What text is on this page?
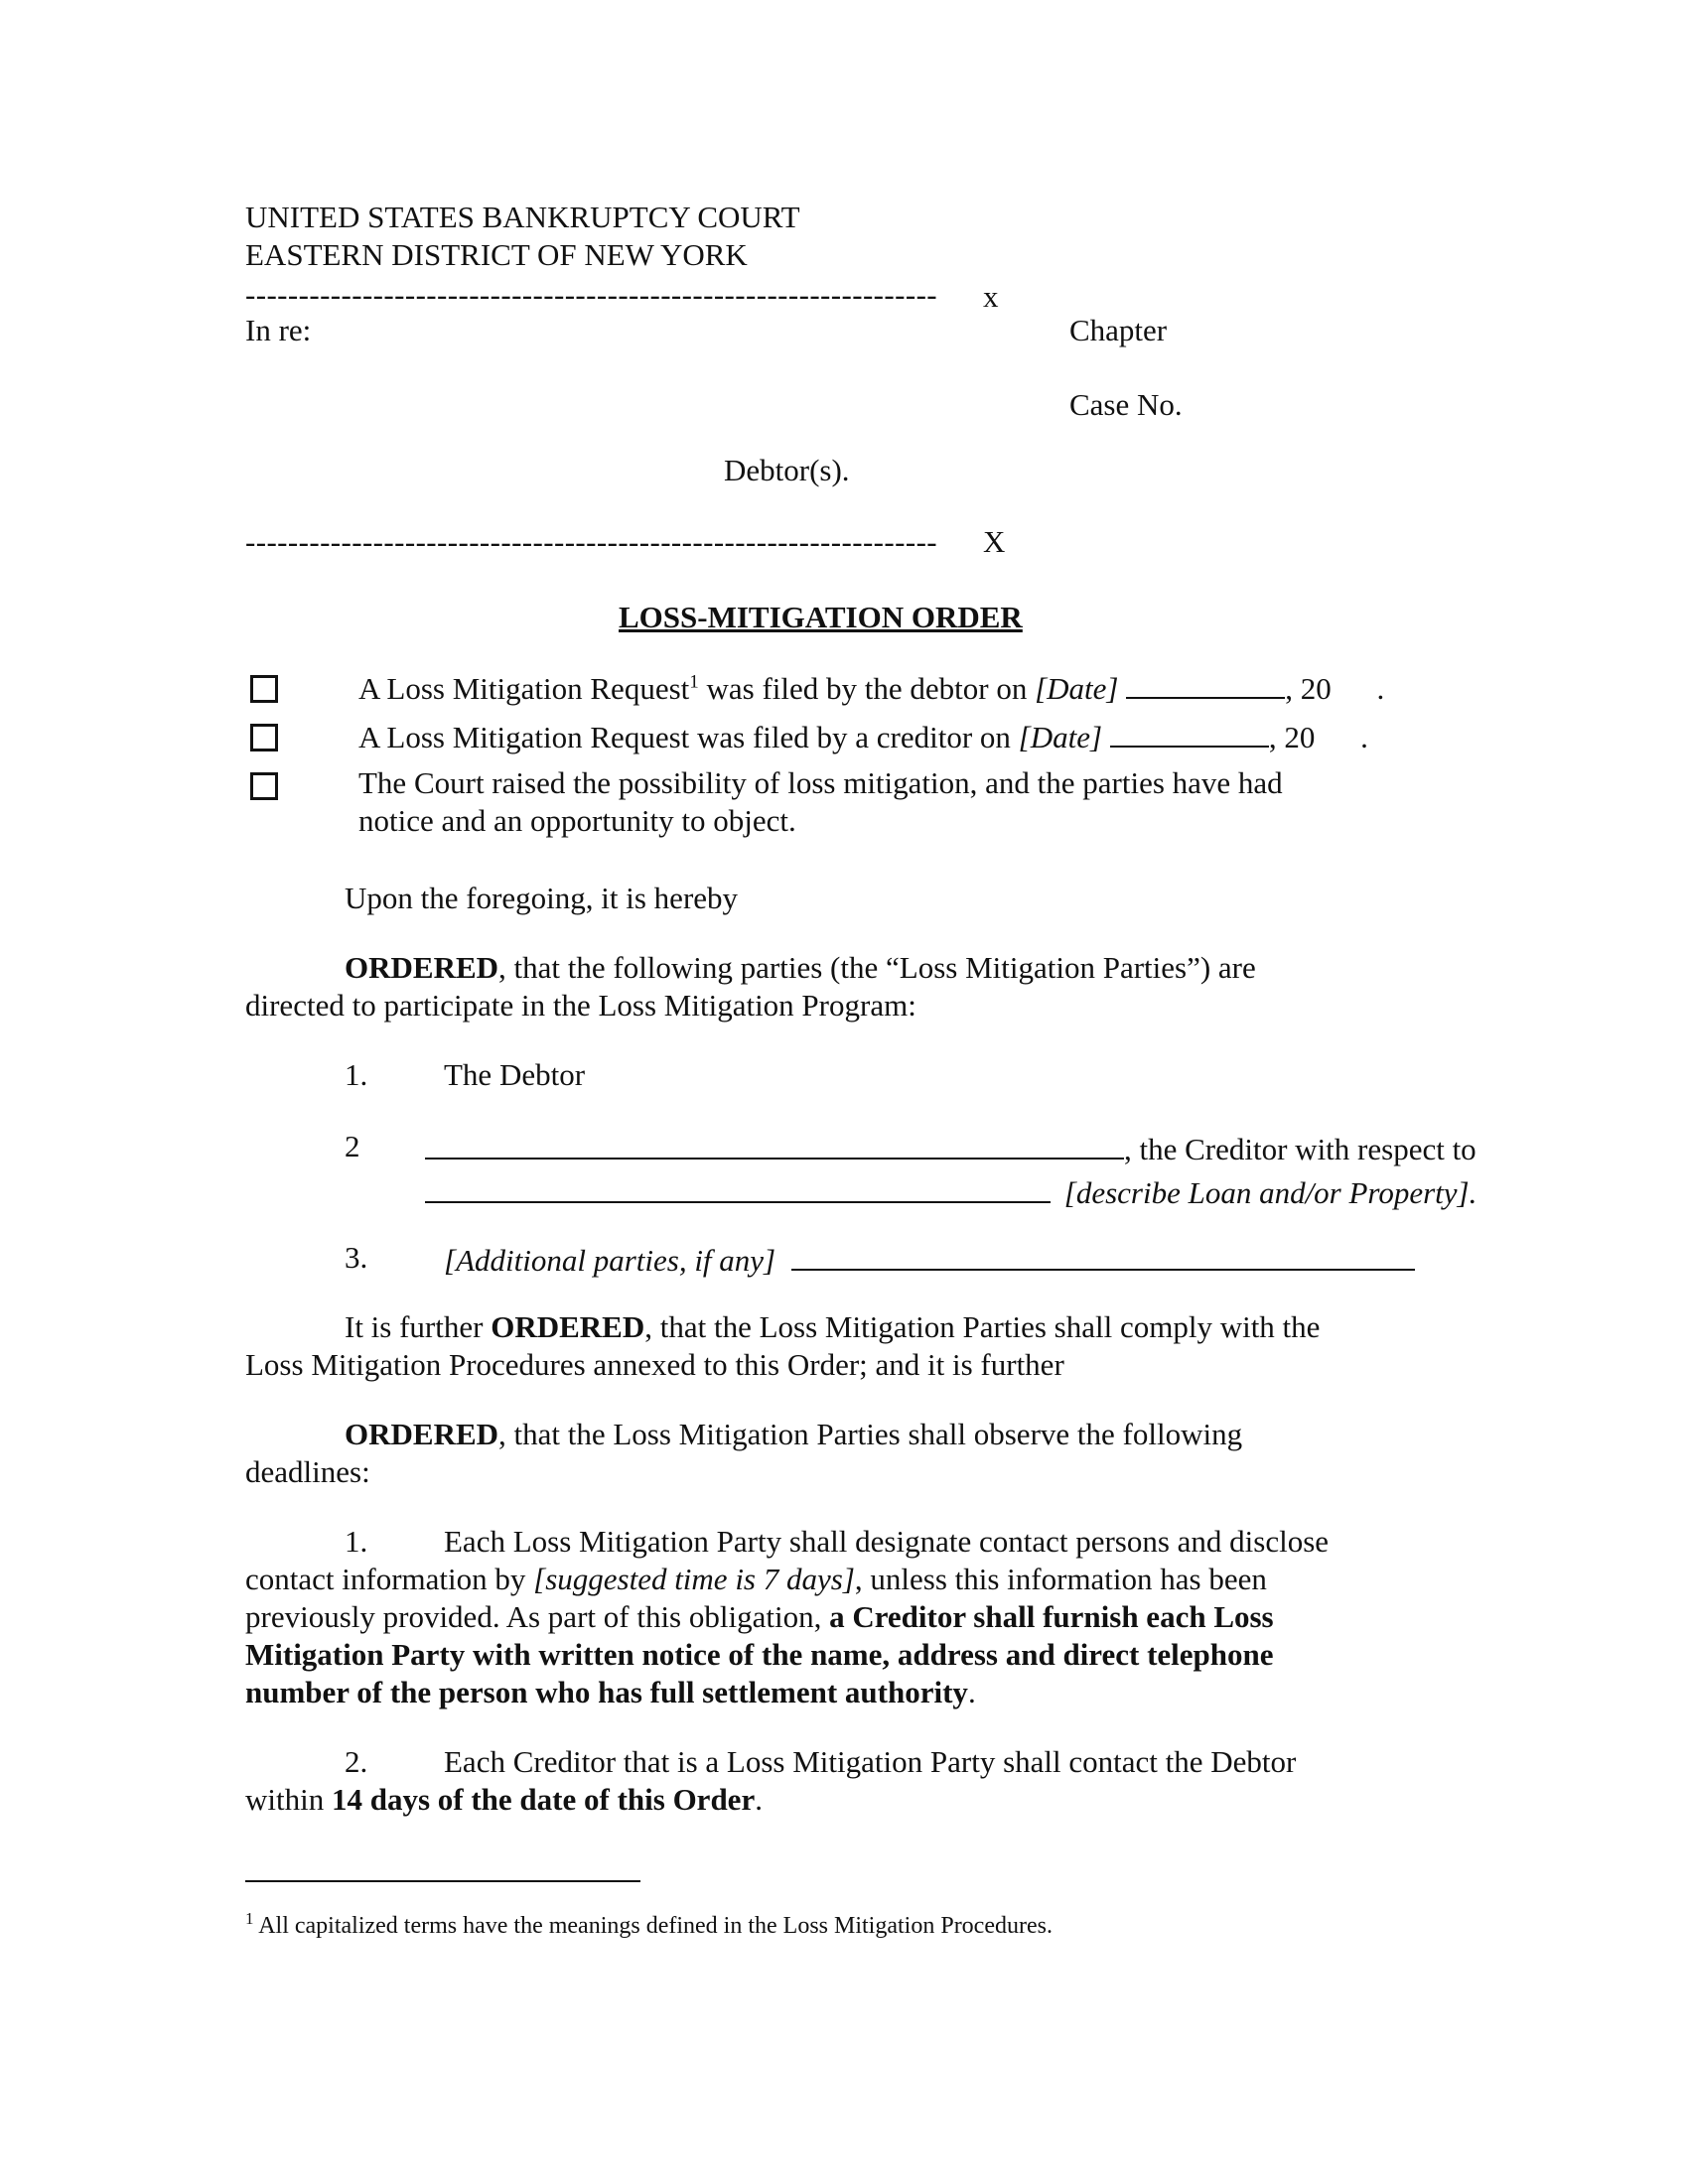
UNITED STATES BANKRUPTCY COURT
EASTERN DISTRICT OF NEW YORK
----------------------------------------------------------------- x
In re:	Chapter
Case No.
Debtor(s).
----------------------------------------------------------------- X
LOSS-MITIGATION ORDER
A Loss Mitigation Request$^1$ was filed by the debtor on [Date]	, 20 .
A Loss Mitigation Request was filed by a creditor on [Date]	, 20 .
The Court raised the possibility of loss mitigation, and the parties have had
notice and an opportunity to object.
Upon the foregoing, it is hereby
ORDERED, that the following parties (the “Loss Mitigation Parties”) are
directed to participate in the Loss Mitigation Program:
1. The Debtor
2	, the Creditor with respect to
[describe Loan and/or Property].
3. [Additional parties, if any]
It is further ORDERED, that the Loss Mitigation Parties shall comply with the
Loss Mitigation Procedures annexed to this Order; and it is further
ORDERED, that the Loss Mitigation Parties shall observe the following
deadlines:
1. Each Loss Mitigation Party shall designate contact persons and disclose
contact information by [suggested time is 7 days], unless this information has been
previously provided. As part of this obligation, a Creditor shall furnish each Loss
Mitigation Party with written notice of the name, address and direct telephone
number of the person who has full settlement authority.
2. Each Creditor that is a Loss Mitigation Party shall contact the Debtor
within 14 days of the date of this Order.
$^1$ All capitalized terms have the meanings defined in the Loss Mitigation Procedures.
